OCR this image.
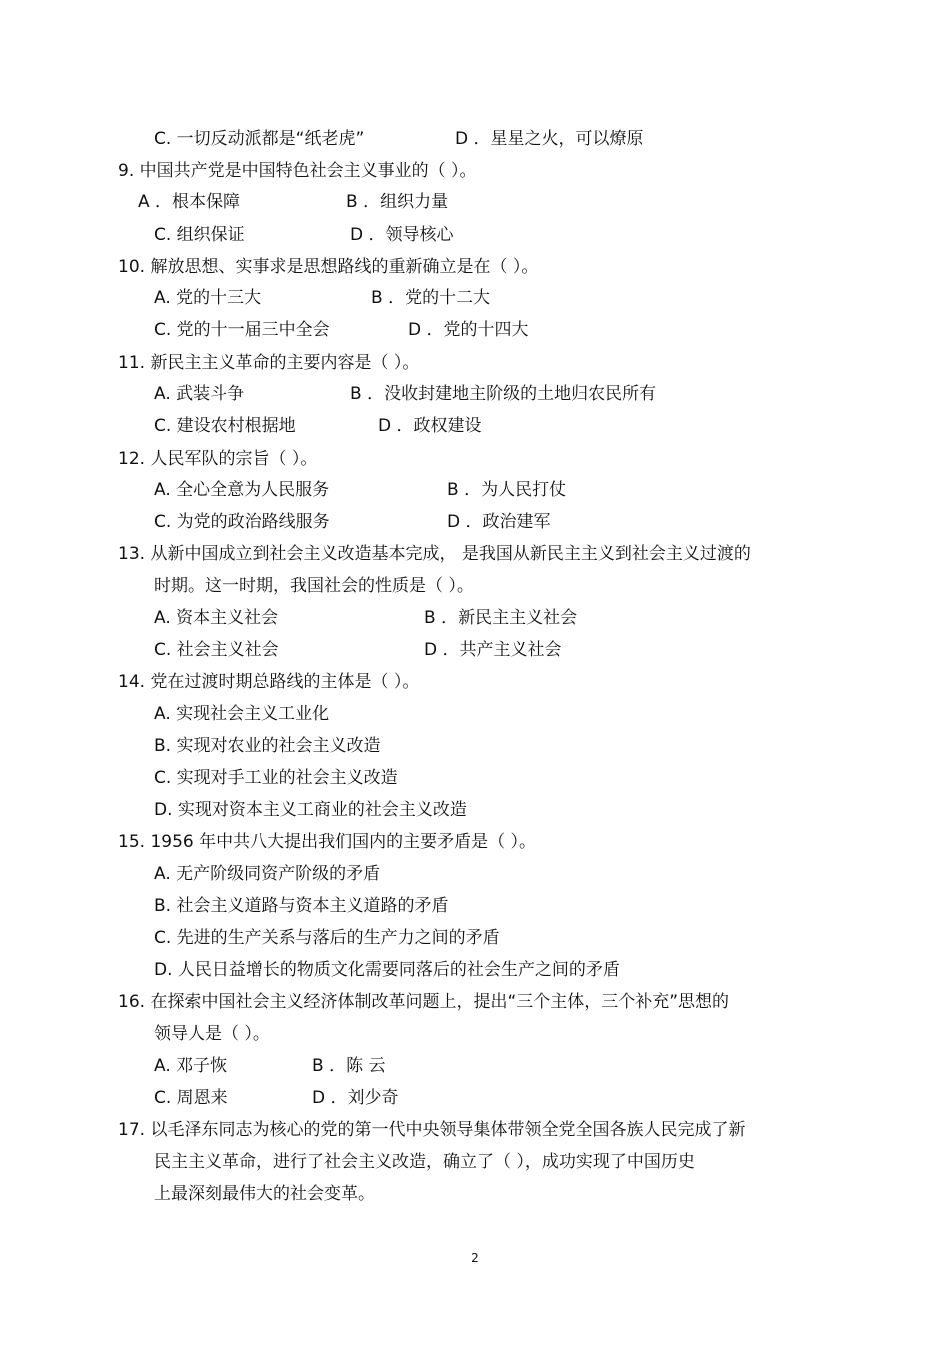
C. 一切反动派都是“纸老虎”	D ．星星之火，可以燎原
9. 中国共产党是中国特色社会主义事业的（ ）。
A ．根本保障	B ．组织力量
C. 组织保证	D ．领导核心
10. 解放思想、实事求是思想路线的重新确立是在（ ）。
A. 党的十三大	B ．党的十二大
C. 党的十一届三中全会	D ．党的十四大
11. 新民主主义革命的主要内容是（ ）。
A. 武装斗争	B ．没收封建地主阶级的土地归农民所有
C. 建设农村根据地	D ．政权建设
12. 人民军队的宗旨（ ）。
A. 全心全意为人民服务	B ．为人民打仗
C. 为党的政治路线服务	D ．政治建军
13. 从新中国成立到社会主义改造基本完成， 是我国从新民主主义到社会主义过渡的
时期。这一时期，我国社会的性质是（ ）。
A. 资本主义社会	B ．新民主主义社会
C. 社会主义社会	D ．共产主义社会
14. 党在过渡时期总路线的主体是（ ）。
A. 实现社会主义工业化
B. 实现对农业的社会主义改造
C. 实现对手工业的社会主义改造
D. 实现对资本主义工商业的社会主义改造
15. 1956 年中共八大提出我们国内的主要矛盾是（ ）。
A. 无产阶级同资产阶级的矛盾
B. 社会主义道路与资本主义道路的矛盾
C. 先进的生产关系与落后的生产力之间的矛盾
D. 人民日益增长的物质文化需要同落后的社会生产之间的矛盾
16. 在探索中国社会主义经济体制改革问题上，提出“三个主体，三个补充”思想的
领导人是（ ）。
A. 邓子恢	B ．陈 云
C. 周恩来	D ．刘少奇
17. 以毛泽东同志为核心的党的第一代中央领导集体带领全党全国各族人民完成了新
民主主义革命，进行了社会主义改造，确立了（ ），成功实现了中国历史
上最深刻最伟大的社会变革。
2
